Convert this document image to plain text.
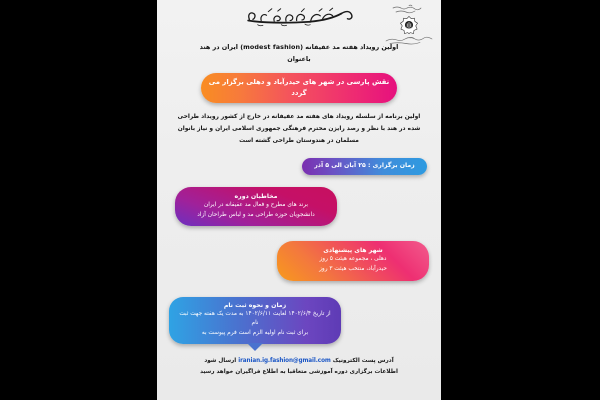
اولین رویداد هفته مد عفیفانه (modest fashion) ایران در هند
باعنوان
نقش پارسی در شهر های حیدرآباد و دهلی برگزار می گردد
اولین برنامه از سلسله رویداد های هفته مد عفیفانه در خارج از کشور رویداد طراحی شده در هند با نظر و رصد رایزن محترم فرهنگی جمهوری اسلامی ایران و نیاز بانوان مسلمان در هندوستان طراحی گشته است
زمان برگزاری : ۲۵ آبان الی ۵ آذر
مخاطبان دوره
برند های مطرح و فعال مد عفیفانه در ایران
دانشجویان حوزه طراحی مد و لباس طراحان آزاد
شهر های پیشنهادی
دهلی ، مجموعه هیئت ۵ روز
حیدرآباد، منتخب هیئت ۳ روز
زمان و نحوه ثبت نام
از تاریخ ۱۴۰۲/۶/۴ لغایت ۱۴۰۲/۶/۱۱ به مدت یک هفته جهت ثبت نام
برای ثبت نام اولیه الزم است فرم پیوست به
آدرس پست الکترونیک iranian.ig.fashion@gmail.com ارسال شود
اطلاعات برگزاری دوره آموزشی متعاقبا به اطلاع فراگیران خواهد رسید
